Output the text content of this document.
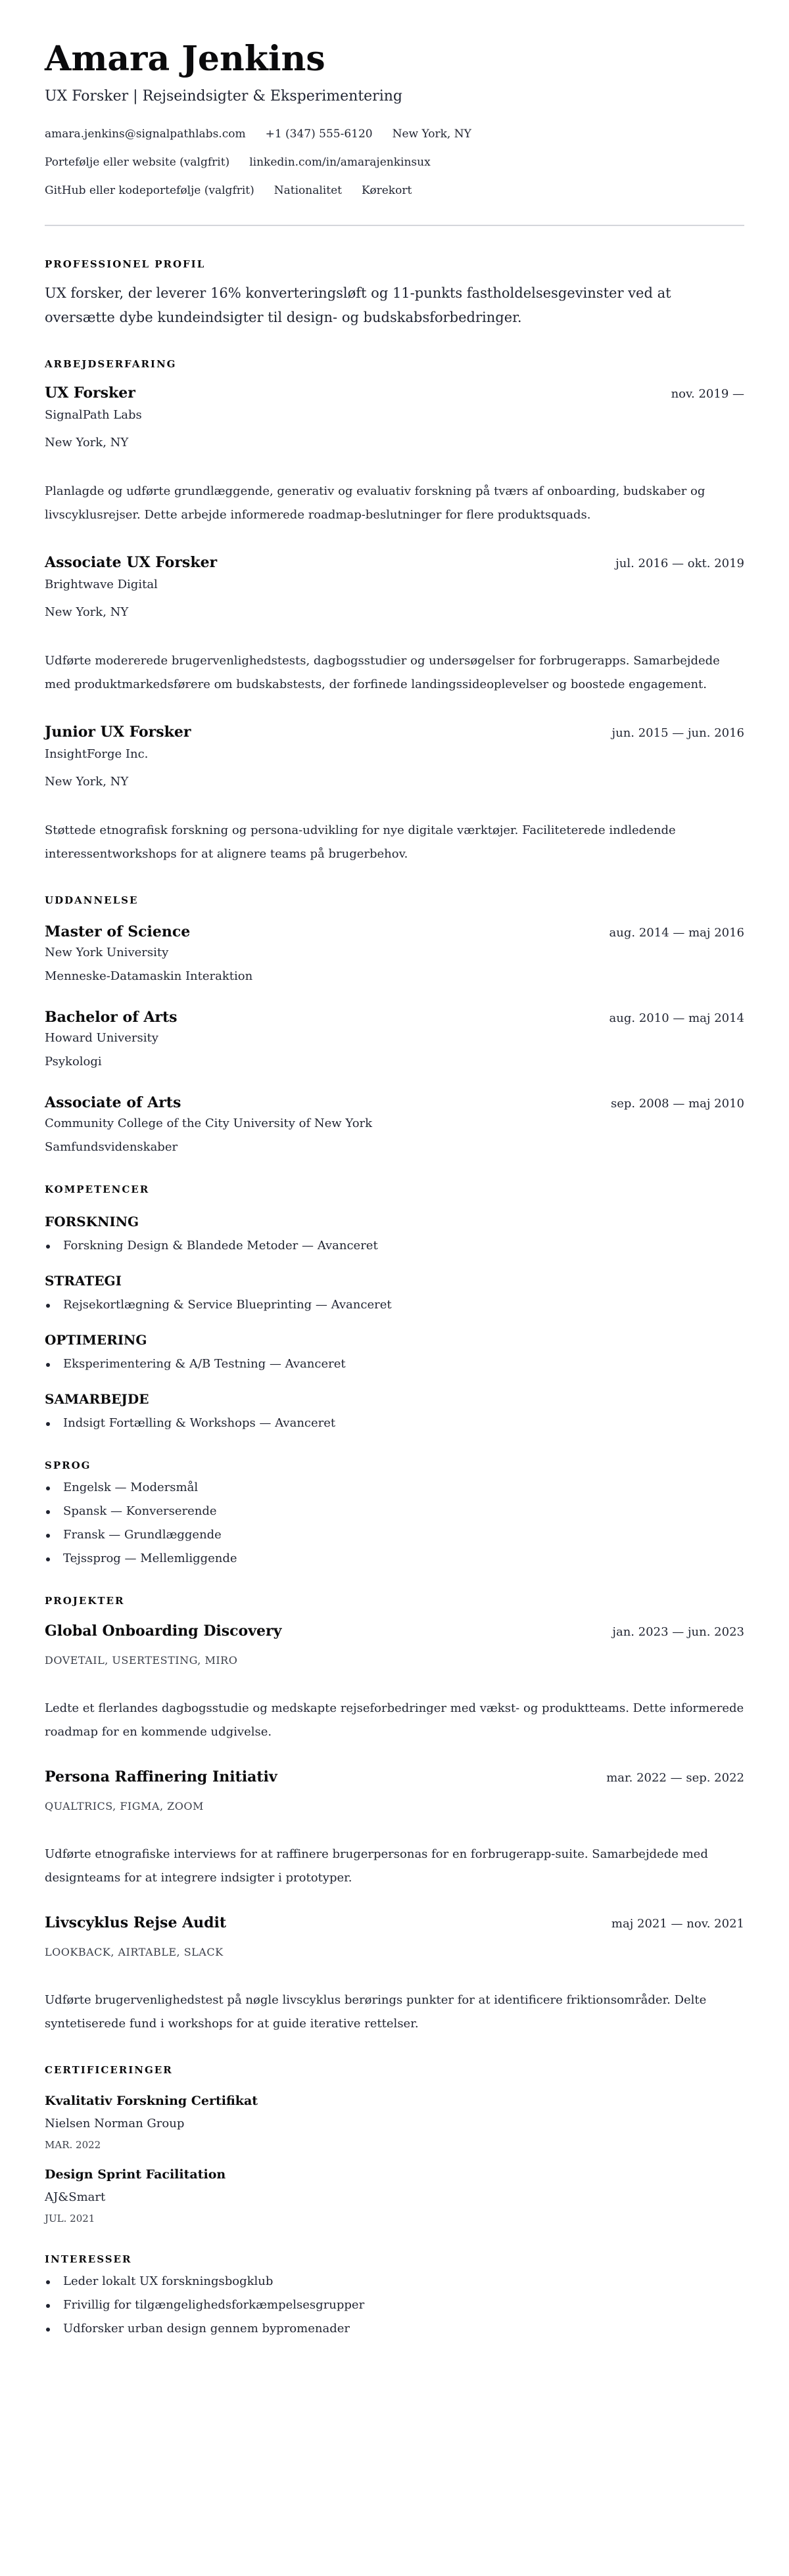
Amara Jenkins
UX Forsker | Rejseindsigter & Eksperimentering
amara.jenkins@signalpathlabs.com +1 (347) 555-6120 New York, NY
Portefølje eller website (valgfrit) linkedin.com/in/amarajenkinsux
GitHub eller kodeportefølje (valgfrit) Nationalitet Kørekort
PROFESSIONEL PROFIL

UX forsker, der leverer 16% konverteringsløft og 11-punkts fastholdelsesgevinster ved at oversætte dybe kundeindsigter til design- og budskabsforbedringer.

ARBEJDSERFARING
UX Forsker	nov. 2019 —
SignalPath Labs
New York, NY

Planlagde og udførte grundlæggende, generativ og evaluativ forskning på tværs af onboarding, budskaber og livscyklusrejser. Dette arbejde informerede roadmap-beslutninger for flere produktsquads.

Associate UX Forsker	jul. 2016 — okt. 2019
Brightwave Digital
New York, NY

Udførte modererede brugervenlighedstests, dagbogsstudier og undersøgelser for forbrugerapps. Samarbejdede med produktmarkedsførere om budskabstests, der forfinede landingssideoplevelser og boostede engagement.

Junior UX Forsker	jun. 2015 — jun. 2016
InsightForge Inc.
New York, NY

Støttede etnografisk forskning og persona-udvikling for nye digitale værktøjer. Faciliteterede indledende interessentworkshops for at alignere teams på brugerbehov.

UDDANNELSE
Master of Science	aug. 2014 — maj 2016
New York University
Menneske-Datamaskin Interaktion
Bachelor of Arts	aug. 2010 — maj 2014
Howard University
Psykologi
Associate of Arts	sep. 2008 — maj 2010
Community College of the City University of New York
Samfundsvidenskaber
KOMPETENCER
FORSKNING
Forskning Design & Blandede Metoder — Avanceret
STRATEGI
Rejsekortlægning & Service Blueprinting — Avanceret
OPTIMERING
Eksperimentering & A/B Testning — Avanceret
SAMARBEJDE
Indsigt Fortælling & Workshops — Avanceret
SPROG
Engelsk — Modersmål
Spansk — Konverserende
Fransk — Grundlæggende
Tejssprog — Mellemliggende
PROJEKTER
Global Onboarding Discovery	jan. 2023 — jun. 2023
DOVETAIL, USERTESTING, MIRO

Ledte et flerlandes dagbogsstudie og medskapte rejseforbedringer med vækst- og produktteams. Dette informerede roadmap for en kommende udgivelse.

Persona Raffinering Initiativ	mar. 2022 — sep. 2022
QUALTRICS, FIGMA, ZOOM

Udførte etnografiske interviews for at raffinere brugerpersonas for en forbrugerapp-suite. Samarbejdede med designteams for at integrere indsigter i prototyper.

Livscyklus Rejse Audit	maj 2021 — nov. 2021
LOOKBACK, AIRTABLE, SLACK

Udførte brugervenlighedstest på nøgle livscyklus berørings punkter for at identificere friktionsområder. Delte syntetiserede fund i workshops for at guide iterative rettelser.

CERTIFICERINGER
Kvalitativ Forskning Certifikat
Nielsen Norman Group
MAR. 2022
Design Sprint Facilitation
AJ&Smart
JUL. 2021
INTERESSER
Leder lokalt UX forskningsbogklub
Frivillig for tilgængelighedsforkæmpelsesgrupper
Udforsker urban design gennem bypromenader
